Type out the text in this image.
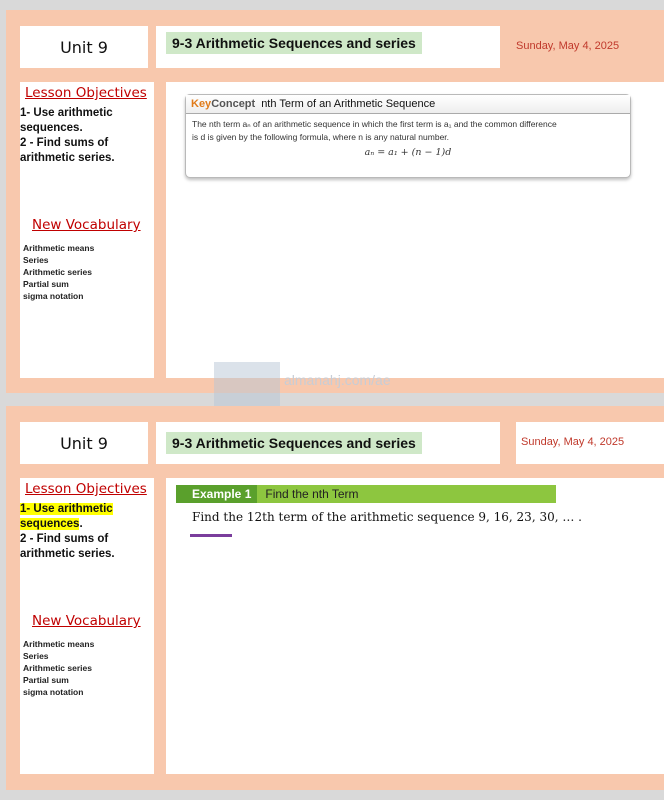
Unit 9	9-3 Arithmetic Sequences and series	Sunday, May 4, 2025
Lesson Objectives
1- Use arithmetic
sequences.
2 - Find sums of
arithmetic series.
New Vocabulary
Arithmetic means
Series
Arithmetic series
Partial sum
sigma notation
Key Concept nth Term of an Arithmetic Sequence
The nth term aₙ of an arithmetic sequence in which the first term is a₁ and the common difference
is d is given by the following formula, where n is any natural number.
aₙ = a₁ + (n − 1)d
almanahj.com/ae
Unit 9	9-3 Arithmetic Sequences and series	Sunday, May 4, 2025
Lesson Objectives
1- Use arithmetic
sequences.
2 - Find sums of
arithmetic series.
New Vocabulary
Arithmetic means
Series
Arithmetic series
Partial sum
sigma notation
Example 1	Find the nth Term
Find the 12th term of the arithmetic sequence 9, 16, 23, 30, … .
